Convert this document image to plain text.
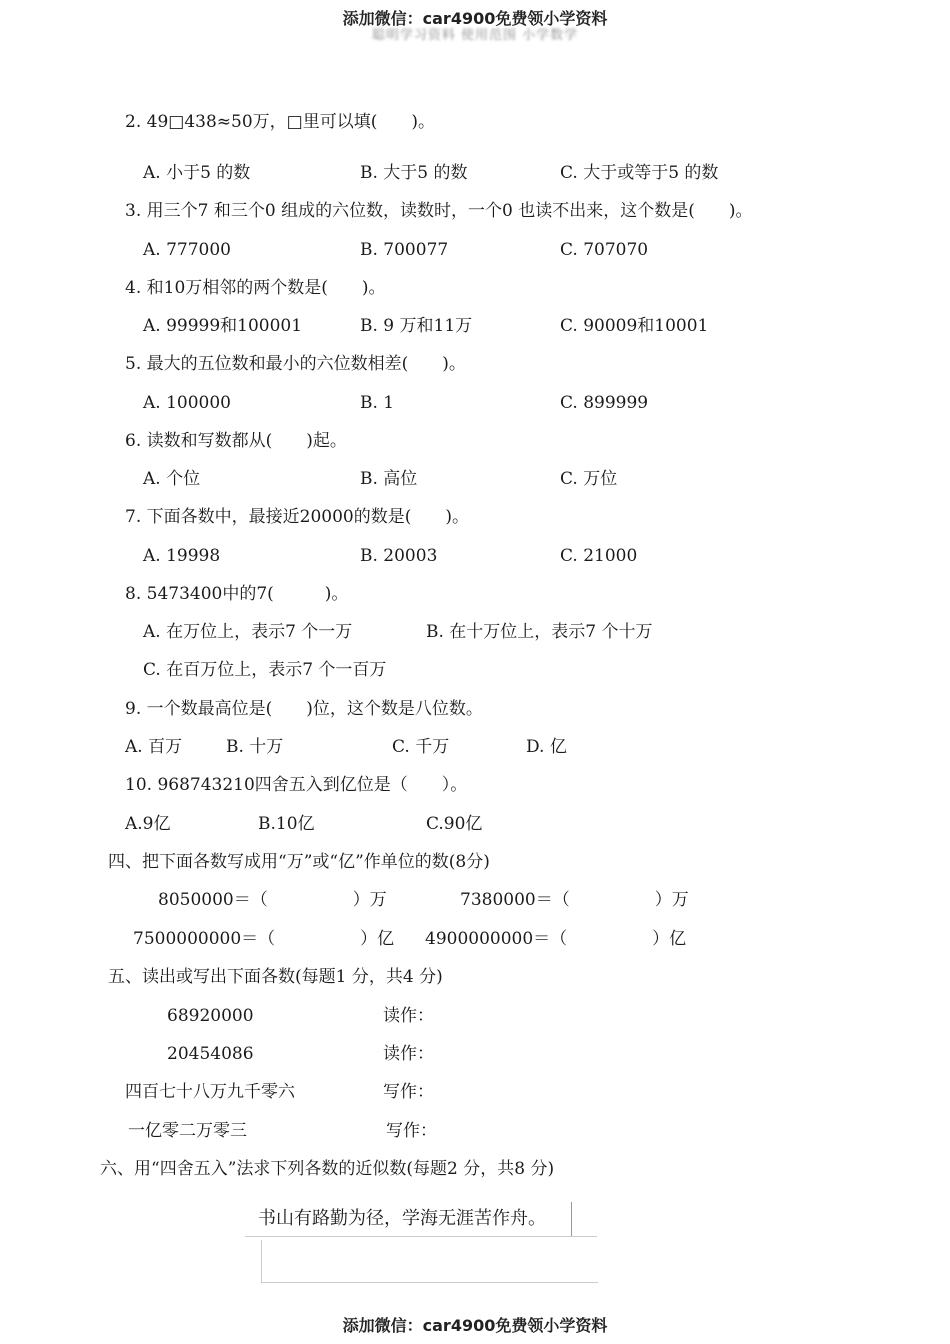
添加微信：car4900免费领小学资料
聪明学习资料 使用范围 小学数学
2. 49□438≈50万，□里可以填(　　)。
A. 小于5 的数	B. 大于5 的数	C. 大于或等于5 的数
3. 用三个7 和三个0 组成的六位数，读数时，一个0 也读不出来，这个数是(　　)。
A. 777000	B. 700077	C. 707070
4. 和10万相邻的两个数是(　　)。
A. 99999和100001	B. 9 万和11万	C. 90009和10001
5. 最大的五位数和最小的六位数相差(　　)。
A. 100000	B. 1	C. 899999
6. 读数和写数都从(　　)起。
A. 个位	B. 高位	C. 万位
7. 下面各数中，最接近20000的数是(　　)。
A. 19998	B. 20003	C. 21000
8. 5473400中的7(　　　)。
A. 在万位上，表示7 个一万	B. 在十万位上，表示7 个十万
C. 在百万位上，表示7 个一百万
9. 一个数最高位是(　　)位，这个数是八位数。
A. 百万	B. 十万	C. 千万	D. 亿
10. 968743210四舍五入到亿位是（　　）。
A.9亿	B.10亿	C.90亿
四、把下面各数写成用“万”或“亿”作单位的数(8分)
8050000＝（　　　　　）万	7380000＝（　　　　　）万
7500000000＝（　　　　　）亿 4900000000＝（　　　　　）亿
五、读出或写出下面各数(每题1 分，共4 分)
68920000	读作：
20454086	读作：
四百七十八万九千零六	写作：
一亿零二万零三	写作：
六、用“四舍五入”法求下列各数的近似数(每题2 分，共8 分)
书山有路勤为径，学海无涯苦作舟。
添加微信：car4900免费领小学资料
